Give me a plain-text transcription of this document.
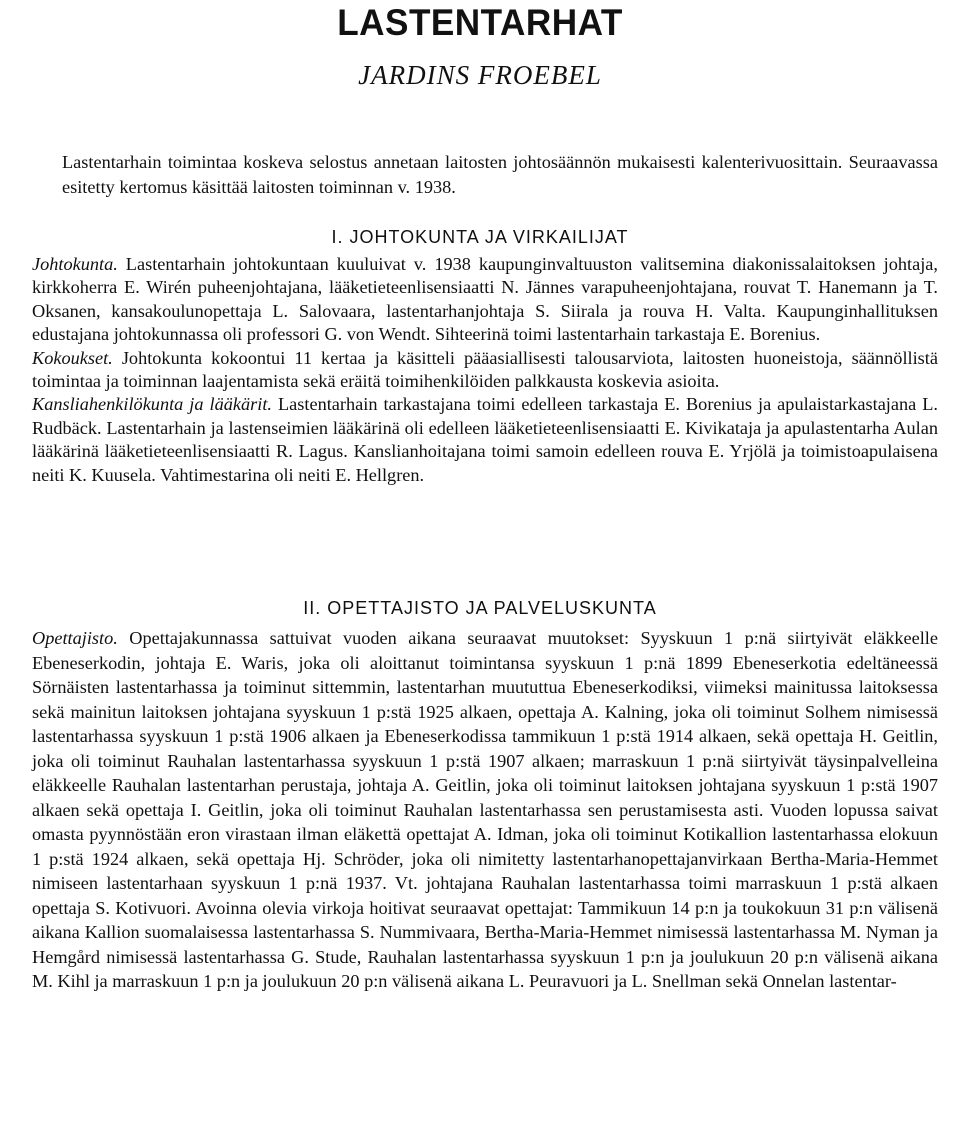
LASTENTARHAT
JARDINS FROEBEL
Lastentarhain toimintaa koskeva selostus annetaan laitosten johtosäännön mukaisesti kalenterivuosittain. Seuraavassa esitetty kertomus käsittää laitosten toiminnan v. 1938.
I. JOHTOKUNTA JA VIRKAILIJAT

Johtokunta. Lastentarhain johtokuntaan kuuluivat v. 1938 kaupunginvaltuuston valitsemina diakonissalaitoksen johtaja, kirkkoherra E. Wirén puheenjohtajana, lääketieteenlisensiaatti N. Jännes varapuheenjohtajana, rouvat T. Hanemann ja T. Oksanen, kansakoulunopettaja L. Salovaara, lastentarhanjohtaja S. Siirala ja rouva H. Valta. Kaupunginhallituksen edustajana johtokunnassa oli professori G. von Wendt. Sihteerinä toimi lastentarhain tarkastaja E. Borenius.

Kokoukset. Johtokunta kokoontui 11 kertaa ja käsitteli pääasiallisesti talousarviota, laitosten huoneistoja, säännöllistä toimintaa ja toiminnan laajentamista sekä eräitä toimihenkilöiden palkkausta koskevia asioita.

Kansliahenkilökunta ja lääkärit. Lastentarhain tarkastajana toimi edelleen tarkastaja E. Borenius ja apulaistarkastajana L. Rudbäck. Lastentarhain ja lastenseimien lääkärinä oli edelleen lääketieteenlisensiaatti E. Kivikataja ja apulastentarha Aulan lääkärinä lääketieteenlisensiaatti R. Lagus. Kanslianhoitajana toimi samoin edelleen rouva E. Yrjölä ja toimistoapulaisena neiti K. Kuusela. Vahtimestarina oli neiti E. Hellgren.

II. OPETTAJISTO JA PALVELUSKUNTA

Opettajisto. Opettajakunnassa sattuivat vuoden aikana seuraavat muutokset: Syyskuun 1 p:nä siirtyivät eläkkeelle Ebeneserkodin, johtaja E. Waris, joka oli aloittanut toimintansa syyskuun 1 p:nä 1899 Ebeneserkotia edeltäneessä Sörnäisten lastentarhassa ja toiminut sittemmin, lastentarhan muututtua Ebeneserkodiksi, viimeksi mainitussa laitoksessa sekä mainitun laitoksen johtajana syyskuun 1 p:stä 1925 alkaen, opettaja A. Kalning, joka oli toiminut Solhem nimisessä lastentarhassa syyskuun 1 p:stä 1906 alkaen ja Ebeneserkodissa tammikuun 1 p:stä 1914 alkaen, sekä opettaja H. Geitlin, joka oli toiminut Rauhalan lastentarhassa syyskuun 1 p:stä 1907 alkaen; marraskuun 1 p:nä siirtyivät täysinpalvelleina eläkkeelle Rauhalan lastentarhan perustaja, johtaja A. Geitlin, joka oli toiminut laitoksen johtajana syyskuun 1 p:stä 1907 alkaen sekä opettaja I. Geitlin, joka oli toiminut Rauhalan lastentarhassa sen perustamisesta asti. Vuoden lopussa saivat omasta pyynnöstään eron virastaan ilman eläkettä opettajat A. Idman, joka oli toiminut Kotikallion lastentarhassa elokuun 1 p:stä 1924 alkaen, sekä opettaja Hj. Schröder, joka oli nimitetty lastentarhanopettajanvirkaan Bertha-Maria-Hemmet nimiseen lastentarhaan syyskuun 1 p:nä 1937. Vt. johtajana Rauhalan lastentarhassa toimi marraskuun 1 p:stä alkaen opettaja S. Kotivuori. Avoinna olevia virkoja hoitivat seuraavat opettajat: Tammikuun 14 p:n ja toukokuun 31 p:n välisenä aikana Kallion suomalaisessa lastentarhassa S. Nummivaara, Bertha-Maria-Hemmet nimisessä lastentarhassa M. Nyman ja Hemgård nimisessä lastentarhassa G. Stude, Rauhalan lastentarhassa syyskuun 1 p:n ja joulukuun 20 p:n välisenä aikana M. Kihl ja marraskuun 1 p:n ja joulukuun 20 p:n välisenä aikana L. Peuravuori ja L. Snellman sekä Onnelan lastentar-
